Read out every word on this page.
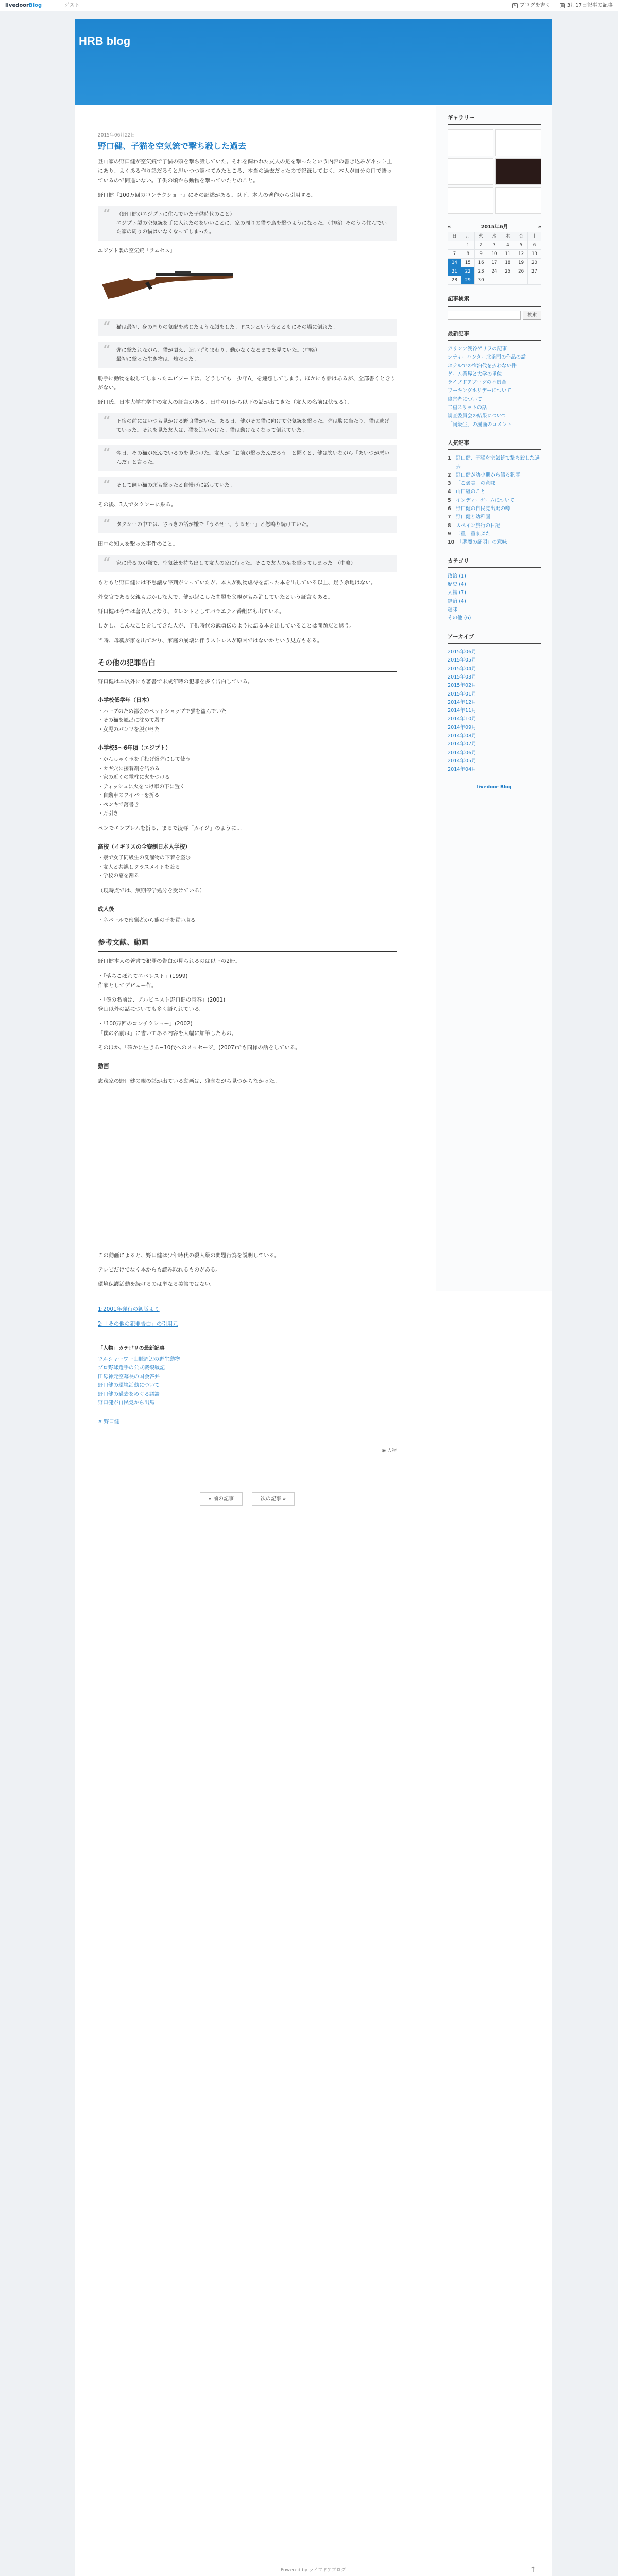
livedoorBlog	ゲスト	✎ ブログを書く	▦ 3月17日記事の記事
HRB blog
2015年06月22日
野口健、子猫を空気銃で撃ち殺した過去

登山家の野口健が空気銃で子猫の頭を撃ち殺していた。それを飼われた友人の足を撃ったという内容の書き込みがネット上にあり、よくある作り話だろうと思いつつ調べてみたところ、本当の過去だったので記録しておく。本人が自分の口で語っているので間違いない。子供の頃から動物を撃っていたとのこと。

野口健『100万回のコンチクショー』にその記述がある。以下、本人の著作から引用する。

“ （野口健がエジプトに住んでいた子供時代のこと）
エジプト製の空気銃を手に入れたのをいいことに、家の周りの猫や鳥を撃つようになった。（中略）そのうち住んでいた家の周りの猫はいなくなってしまった。
エジプト製の空気銃「ラムセス」
“ 猫は最初、身の周りの気配を感じたような顔をした。ドスンという音とともにその場に倒れた。
“ 弾に撃たれながら、猫が悶え、這いずりまわり、動かなくなるまでを見ていた。（中略）
最初に撃った生き物は、雉だった。

勝手に動物を殺してしまったエピソードは、どうしても「少年A」を連想してしまう。ほかにも話はあるが、全部書くときりがない。

野口氏、日本大学在学中の友人の証言がある。田中の口から以下の話が出てきた（友人の名前は伏せる）。

“ 下宿の前にはいつも見かける野良猫がいた。ある日、健がその猫に向けて空気銃を撃った。弾は腹に当たり、猫は逃げていった。それを見た友人は、猫を追いかけた。猫は動けなくなって倒れていた。
“ 翌日、その猫が死んでいるのを見つけた。友人が「お前が撃ったんだろう」と聞くと、健は笑いながら「あいつが悪いんだ」と言った。
“ そして飼い猫の頭も撃ったと自慢げに話していた。

その後、3人でタクシーに乗る。

“ タクシーの中では、さっきの話が嫌で「うるせー、うるせー」と怒鳴り続けていた。

田中の知人を撃った事件のこと。

“ 家に帰るのが嫌で、空気銃を持ち出して友人の家に行った。そこで友人の足を撃ってしまった。（中略）

もともと野口健には不思議な評判が立っていたが、本人が動物虐待を語った本を出している以上、疑う余地はない。

外交官である父親もおかしな人で、健が起こした問題を父親がもみ消していたという証言もある。

野口健は今では著名人となり、タレントとしてバラエティ番組にも出ている。

しかし、こんなことをしてきた人が、子供時代の武勇伝のように語る本を出していることは問題だと思う。

当時、母親が家を出ており、家庭の崩壊に伴うストレスが原因ではないかという見方もある。

その他の犯罪告白

野口健は本以外にも著書で未成年時の犯罪を多く告白している。

小学校低学年（日本）
・ハーブのため都会のペットショップで猫を盗んでいた
・その猫を風呂に沈めて殺す
・女児のパンツを脱がせた
小学校5〜6年頃（エジプト）
・かんしゃく玉を手投げ爆弾にして使う
・カギ穴に接着剤を詰める
・家の近くの電柱に火をつける
・ティッシュに火をつけ車の下に置く
・自動車のワイパーを折る
・ペンキで落書き
・万引き

ペンでエンブレムを折る、まるで凌辱「カイジ」のように…

高校（イギリスの全寮制日本人学校）
・寮で女子同級生の洗濯物の下着を盗む
・友人と共謀しクラスメイトを殴る
・学校の窓を割る

（現時点では、無期停学処分を受けている）

成人後
・ネパールで密猟者から熊の子を買い取る
参考文献、動画

野口健本人の著書で犯罪の告白が見られるのは以下の2冊。

・「落ちこぼれてエベレスト」(1999)
作家としてデビュー作。

・「僕の名前は、アルピニスト野口健の青春」(2001)
登山以外の話についても多く語られている。

・「100万回のコンチクショー」(2002)
「僕の名前は」に書いてある内容を大幅に加筆したもの。

そのほか、「確かに生きる−10代へのメッセージ」(2007)でも同様の話をしている。

動画

志茂家の野口健の親の話が出ている動画は、残念ながら見つからなかった。

この動画によると、野口健は少年時代の殺人級の問題行為を説明している。

テレビだけでなく本からも読み取れるものがある。

環境保護活動を続けるのは単なる美談ではない。

1:2001年発行の初版より

2:「その他の犯罪告白」の引用元

「人物」カテゴリの最新記事
ウルシャーワー山脈周辺の野生動物
プロ野球選手の公式戦観戦記
田母神元空幕長の国会答弁
野口健の環境活動について
野口健の過去をめぐる議論
野口健が自民党から出馬
# 野口健
◉ 人物
« 前の記事	次の記事 »
ギャラリー
«	2015年6月	»
日	月	火	水	木	金	土
	1	2	3	4	5	6
7	8	9	10	11	12	13
14	15	16	17	18	19	20
21	22	23	24	25	26	27
28	29	30				
記事検索
検索
最新記事
ガリシア渓谷ゲリラの記事
シティーハンター北条司の作品の話
ホテルでの宿泊代を払わない件
ゲーム業界と大学の単位
ライブドアブログの不具合
ワーキングホリデーについて
障害者について
二重スリットの話
調査委員会の結果について
「同級生」の漫画のコメント
人気記事
1 野口健、子猫を空気銃で撃ち殺した過去
2 野口健が幼少期から語る犯罪
3 「ご褒美」の意味
4 山口組のこと
5 インディーゲームについて
6 野口健の自民党出馬の噂
7 野口健と幼稚園
8 スペイン旅行の日記
9 二重一重まぶた
10 「悪魔の証明」の意味
カテゴリ
政治 (1)
歴史 (4)
人物 (7)
経済 (4)
趣味
その他 (6)
アーカイブ
2015年06月
2015年05月
2015年04月
2015年03月
2015年02月
2015年01月
2014年12月
2014年11月
2014年10月
2014年09月
2014年08月
2014年07月
2014年06月
2014年05月
2014年04月
livedoor Blog
Powered by ライブドアブログ	↑
